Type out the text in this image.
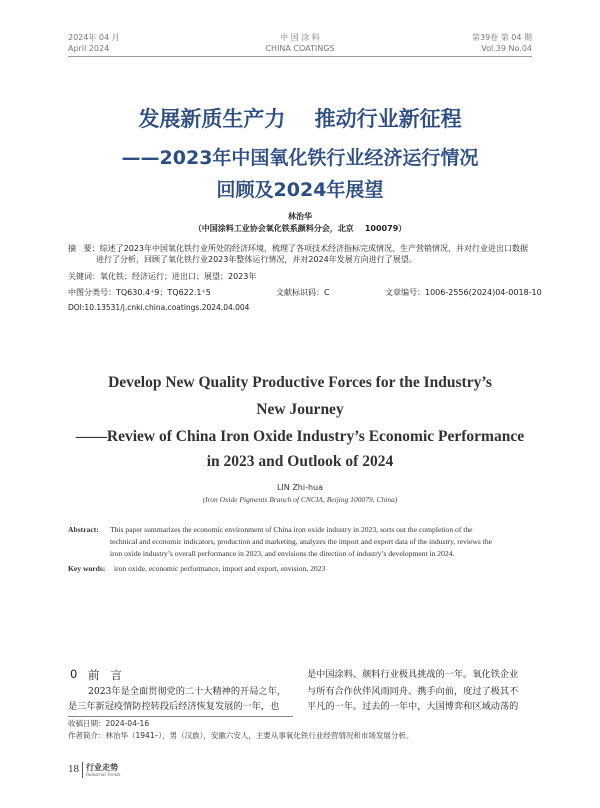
2024年 04 月
April 2024
中 国 涂 料
CHINA COATINGS
第39卷 第 04 期
Vol.39 No.04
发展新质生产力    推动行业新征程
——2023年中国氧化铁行业经济运行情况
回顾及2024年展望
林治华
（中国涂料工业协会氧化铁系颜料分会，北京    100079）
摘   要：综述了2023年中国氧化铁行业所处的经济环境，梳理了各项技术经济指标完成情况、生产营销情况，并对行业进出口数据
进行了分析，回顾了氧化铁行业2023年整体运行情况，并对2024年发展方向进行了展望。
关键词：氧化铁；经济运行；进出口；展望；2023年
中图分类号：TQ630.4⁺9；TQ622.1⁺5	文献标识码：C	文章编号：1006-2556(2024)04-0018-10
DOI:10.13531/j.cnki.china.coatings.2024.04.004
Develop New Quality Productive Forces for the Industry’s
New Journey
——Review of China Iron Oxide Industry’s Economic Performance
in 2023 and Outlook of 2024
LIN Zhi-hua
(Iron Oxide Pigments Branch of CNCIA, Beijing 100079, China)
Abstract: This paper summarizes the economic environment of China iron oxide industry in 2023, sorts out the completion of the
technical and economic indicators, production and marketing, analyzes the import and export data of the industry, reviews the
iron oxide industry’s overall performance in 2023, and envisions the direction of industry’s development in 2024.
Key words: iron oxide, economic performance, import and export, envision, 2023
0 前   言
2023年是全面贯彻党的二十大精神的开局之年，
是三年新冠疫情防控转段后经济恢复发展的一年，也
是中国涂料、颜料行业极具挑战的一年。氧化铁企业
与所有合作伙伴风雨同舟、携手向前，度过了极其不
平凡的一年。过去的一年中，大国博弈和区域动荡的
收稿日期：2024-04-16
作者简介：林治华（1941–），男（汉族），安徽六安人，主要从事氧化铁行业经营情况和市场发展分析。
18 行业走势
Industrial Trends
